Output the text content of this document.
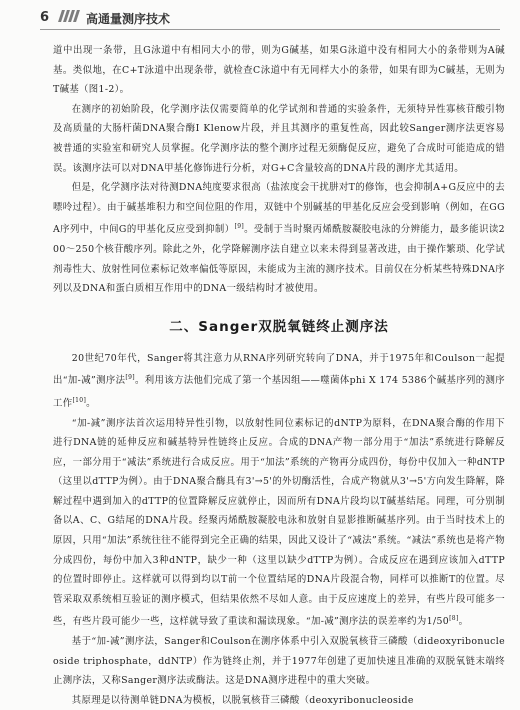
6	高通量测序技术

道中出现一条带，且G泳道中有相同大小的带，则为G碱基，如果G泳道中没有相同大小的条带则为A碱基。类似地，在C+T泳道中出现条带，就检查C泳道中有无同样大小的条带，如果有即为C碱基，无则为T碱基（图1-2）。

在测序的初始阶段，化学测序法仅需要简单的化学试剂和普通的实验条件，无须特异性寡核苷酸引物及高质量的大肠杆菌DNA聚合酶Ⅰ Klenow片段，并且其测序的重复性高，因此较Sanger测序法更容易被普通的实验室和研究人员掌握。化学测序法的整个测序过程无须酶促反应，避免了合成时可能造成的错误。该测序法可以对DNA甲基化修饰进行分析，对G+C含量较高的DNA片段的测序尤其适用。

但是，化学测序法对待测DNA纯度要求很高（盐浓度会干扰肼对T的修饰，也会抑制A+G反应中的去嘌呤过程）。由于碱基堆积力和空间位阻的作用，双链中个别碱基的甲基化反应会受到影响（例如，在GGA序列中，中间G的甲基化反应受到抑制）[9]。受制于当时聚丙烯酰胺凝胶电泳的分辨能力，最多能识读200～250个核苷酸序列。除此之外，化学降解测序法自建立以来未得到显著改进，由于操作繁琐、化学试剂毒性大、放射性同位素标记效率偏低等原因，未能成为主流的测序技术。目前仅在分析某些特殊DNA序列以及DNA和蛋白质相互作用中的DNA一级结构时才被使用。

二、Sanger双脱氧链终止测序法

20世纪70年代，Sanger将其注意力从RNA序列研究转向了DNA，并于1975年和Coulson一起提出“加-减”测序法[9]。利用该方法他们完成了第一个基因组——噬菌体phi X 174 5386个碱基序列的测序工作[10]。

“加-减”测序法首次运用特异性引物，以放射性同位素标记的dNTP为原料，在DNA聚合酶的作用下进行DNA链的延伸反应和碱基特异性链终止反应。合成的DNA产物一部分用于“加法”系统进行降解反应，一部分用于“减法”系统进行合成反应。用于“加法”系统的产物再分成四份，每份中仅加入一种dNTP（这里以dTTP为例）。由于DNA聚合酶具有3'→5'的外切酶活性，合成产物就从3'→5'方向发生降解，降解过程中遇到加入的dTTP的位置降解反应就停止，因而所有DNA片段均以T碱基结尾。同理，可分别制备以A、C、G结尾的DNA片段。经聚丙烯酰胺凝胶电泳和放射自显影推断碱基序列。由于当时技术上的原因，只用“加法”系统往往不能得到完全正确的结果，因此又设计了“减法”系统。“减法”系统也是将产物分成四份，每份中加入3种dNTP，缺少一种（这里以缺少dTTP为例）。合成反应在遇到应该加入dTTP的位置时即停止。这样就可以得到均以T前一个位置结尾的DNA片段混合物，同样可以推断T的位置。尽管采取双系统相互验证的测序模式，但结果依然不尽如人意。由于反应速度上的差异，有些片段可能多一些，有些片段可能少一些，这样就导致了重读和漏读现象。“加-减”测序法的误差率约为1/50[8]。

基于“加-减”测序法，Sanger和Coulson在测序体系中引入双脱氧核苷三磷酸（dideoxyribonucleoside triphosphate，ddNTP）作为链终止剂，并于1977年创建了更加快速且准确的双脱氧链末端终止测序法，又称Sanger测序法或酶法。这是DNA测序进程中的重大突破。

其原理是以待测单链DNA为模板，以脱氧核苷三磷酸（deoxyribonucleoside
